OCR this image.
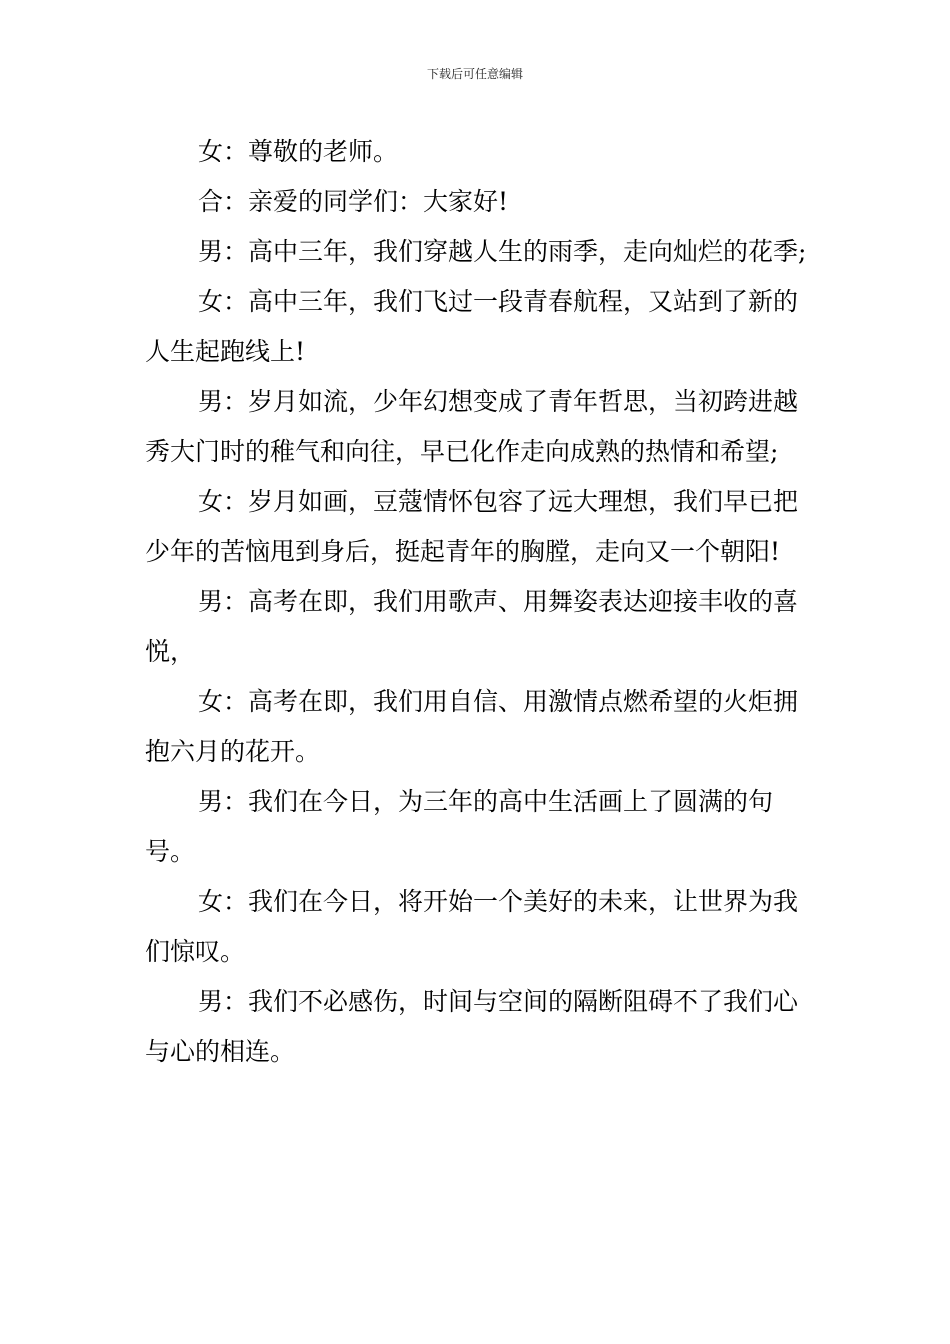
下载后可任意编辑

女：尊敬的老师。

合：亲爱的同学们：大家好!

男：高中三年，我们穿越人生的雨季，走向灿烂的花季;

女：高中三年，我们飞过一段青春航程，又站到了新的人生起跑线上!

男：岁月如流，少年幻想变成了青年哲思，当初跨进越秀大门时的稚气和向往，早已化作走向成熟的热情和希望;

女：岁月如画，豆蔻情怀包容了远大理想，我们早已把少年的苦恼甩到身后，挺起青年的胸膛，走向又一个朝阳!

男：高考在即，我们用歌声、用舞姿表达迎接丰收的喜悦，

女：高考在即，我们用自信、用激情点燃希望的火炬拥抱六月的花开。

男：我们在今日，为三年的高中生活画上了圆满的句号。

女：我们在今日，将开始一个美好的未来，让世界为我们惊叹。

男：我们不必感伤，时间与空间的隔断阻碍不了我们心与心的相连。
